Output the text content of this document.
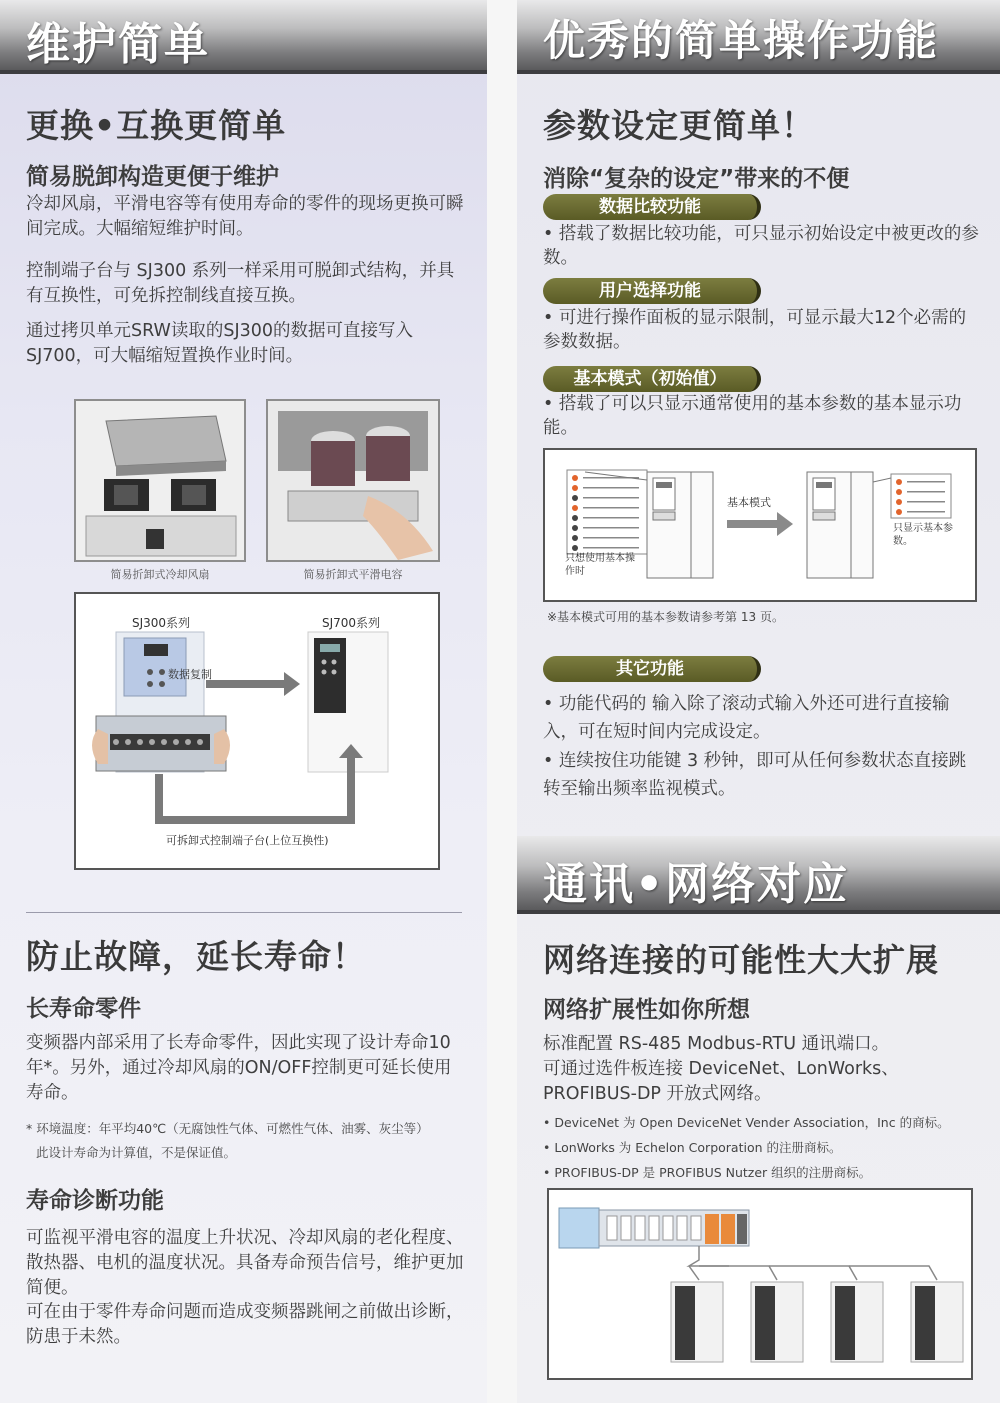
维护简单
更换•互换更简单
简易脱卸构造更便于维护
冷却风扇，平滑电容等有使用寿命的零件的现场更换可瞬间完成。大幅缩短维护时间。
控制端子台与 SJ300 系列一样采用可脱卸式结构，并具有互换性，可免拆控制线直接互换。
通过拷贝单元SRW读取的SJ300的数据可直接写入SJ700，可大幅缩短置换作业时间。
简易折卸式冷却风扇	简易折卸式平滑电容
SJ300系列	SJ700系列
数据复制
可拆卸式控制端子台(上位互换性)
防止故障，延长寿命！
长寿命零件
变频器内部采用了长寿命零件，因此实现了设计寿命10年*。另外，通过冷却风扇的ON/OFF控制更可延长使用寿命。
* 环境温度：年平均40℃（无腐蚀性气体、可燃性气体、油雾、灰尘等）
此设计寿命为计算值，不是保证值。
寿命诊断功能
可监视平滑电容的温度上升状况、冷却风扇的老化程度、散热器、电机的温度状况。具备寿命预告信号，维护更加简便。
可在由于零件寿命问题而造成变频器跳闸之前做出诊断，防患于未然。
优秀的简单操作功能
参数设定更简单！
消除“复杂的设定”带来的不便
数据比较功能
• 搭载了数据比较功能，可只显示初始设定中被更改的参数。
用户选择功能
• 可进行操作面板的显示限制，可显示最大12个必需的参数数据。
基本模式（初始值）
• 搭载了可以只显示通常使用的基本参数的基本显示功能。
只想使用基本操作时
基本模式
只显示基本参数。
※基本模式可用的基本参数请参考第 13 页。
其它功能
• 功能代码的 输入除了滚动式输入外还可进行直接输入，可在短时间内完成设定。
• 连续按住功能键 3 秒钟，即可从任何参数状态直接跳转至输出频率监视模式。
通讯•网络对应
网络连接的可能性大大扩展
网络扩展性如你所想
标准配置 RS-485 Modbus-RTU 通讯端口。
可通过选件板连接 DeviceNet、LonWorks、PROFIBUS-DP 开放式网络。
• DeviceNet 为 Open DeviceNet Vender Association，Inc 的商标。
• LonWorks 为 Echelon Corporation 的注册商标。
• PROFIBUS-DP 是 PROFIBUS Nutzer 组织的注册商标。
